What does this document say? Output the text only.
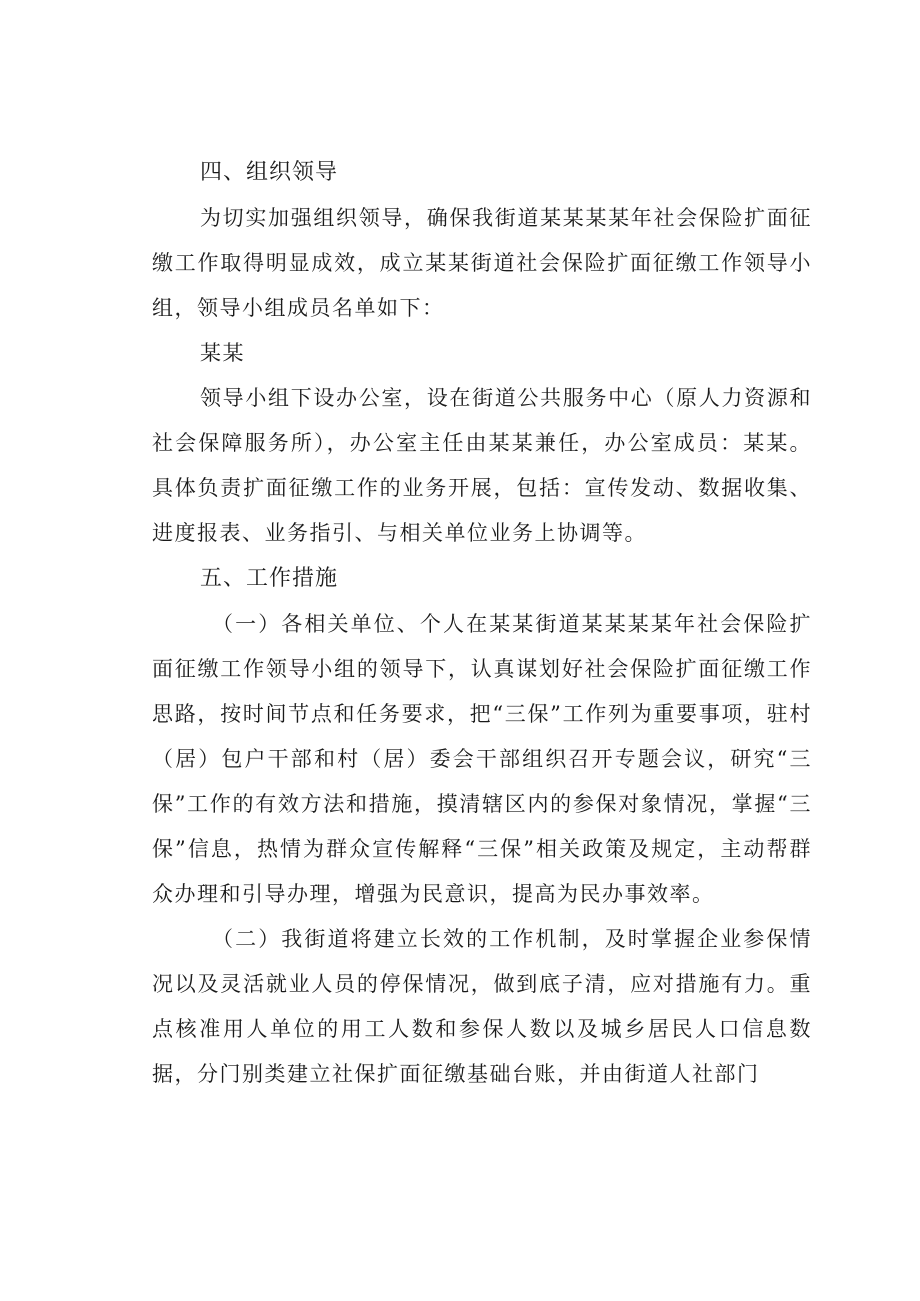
四、组织领导

为切实加强组织领导，确保我街道某某某某年社会保险扩面征缴工作取得明显成效，成立某某街道社会保险扩面征缴工作领导小组，领导小组成员名单如下：

某某

领导小组下设办公室，设在街道公共服务中心（原人力资源和社会保障服务所），办公室主任由某某兼任，办公室成员：某某。具体负责扩面征缴工作的业务开展，包括：宣传发动、数据收集、进度报表、业务指引、与相关单位业务上协调等。

五、工作措施

（一）各相关单位、个人在某某街道某某某某年社会保险扩面征缴工作领导小组的领导下，认真谋划好社会保险扩面征缴工作思路，按时间节点和任务要求，把“三保”工作列为重要事项，驻村（居）包户干部和村（居）委会干部组织召开专题会议，研究“三保”工作的有效方法和措施，摸清辖区内的参保对象情况，掌握“三保”信息，热情为群众宣传解释“三保”相关政策及规定，主动帮群众办理和引导办理，增强为民意识，提高为民办事效率。

（二）我街道将建立长效的工作机制，及时掌握企业参保情况以及灵活就业人员的停保情况，做到底子清，应对措施有力。重点核准用人单位的用工人数和参保人数以及城乡居民人口信息数据，分门别类建立社保扩面征缴基础台账，并由街道人社部门
